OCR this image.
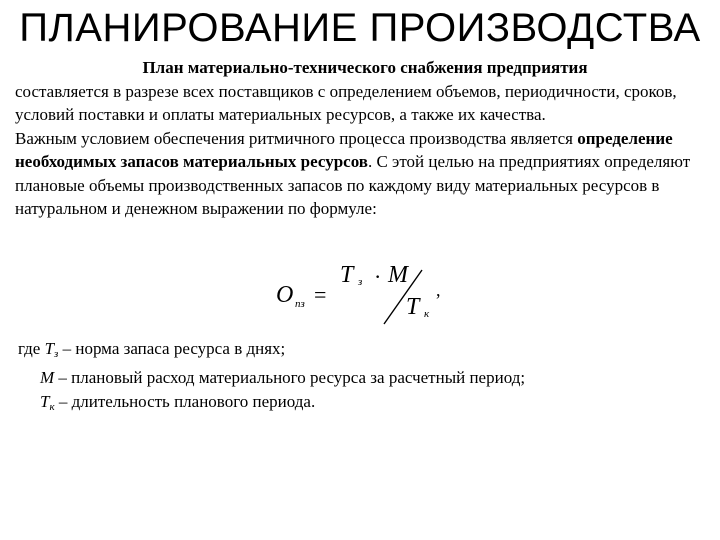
ПЛАНИРОВАНИЕ ПРОИЗВОДСТВА

План материально-технического снабжения предприятия

составляется в разрезе всех поставщиков с определением объемов, периодичности, сроков, условий поставки и оплаты материальных ресурсов, а также их качества.

Важным условием обеспечения ритмичного процесса производства является определение необходимых запасов материальных ресурсов. С этой целью на предприятиях определяют плановые объемы производственных запасов по каждому виду материальных ресурсов в натуральном и денежном выражении по формуле:

О пз =
Т з · М
Т к
,

где Тз – норма запаса ресурса в днях;

М – плановый расход материального ресурса за расчетный период;

Тк – длительность планового периода.
